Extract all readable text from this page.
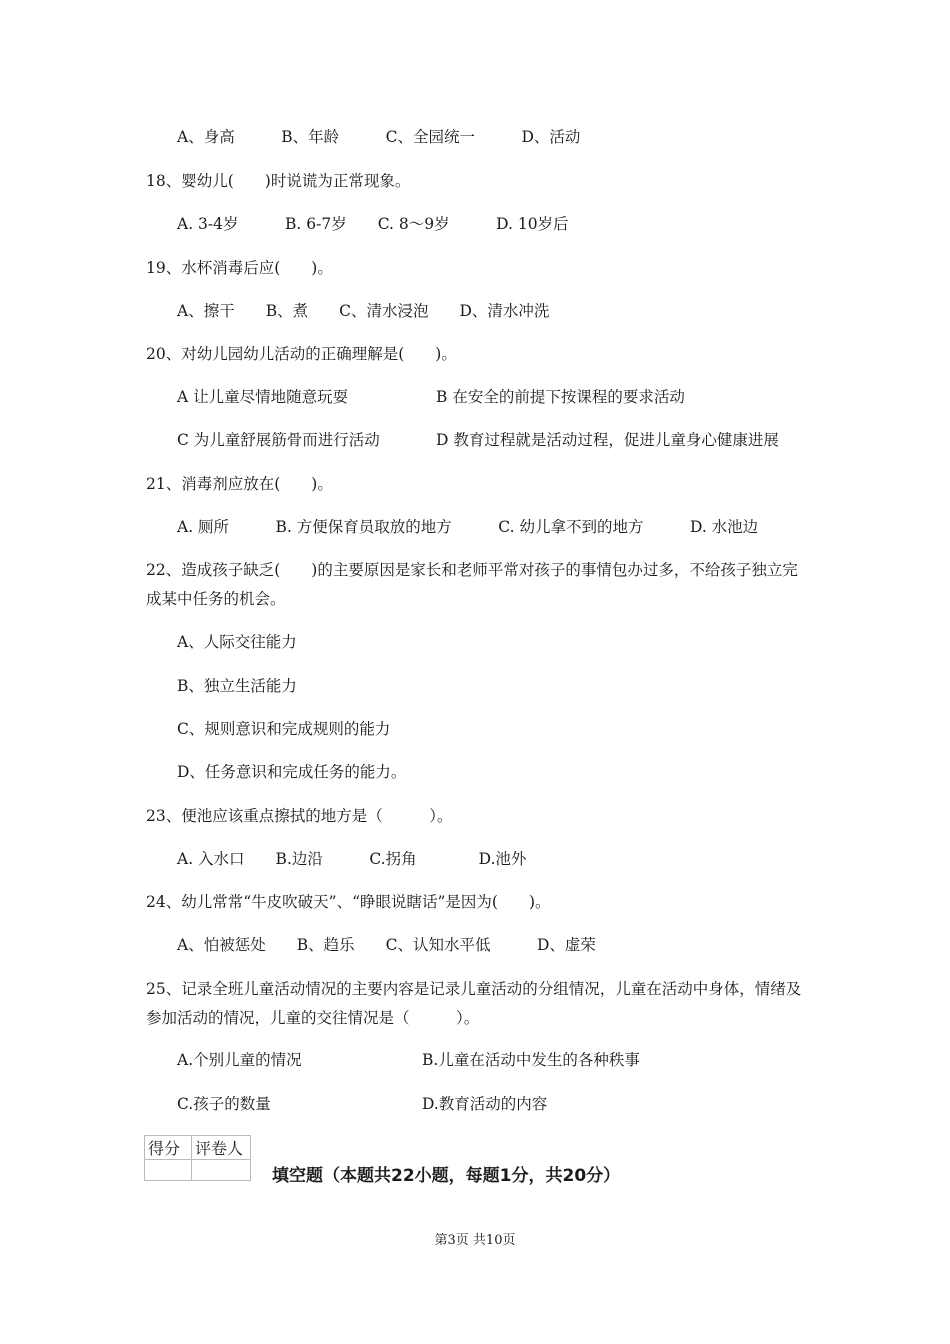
A、身高　　　B、年龄　　　C、全园统一　　　D、活动
18、婴幼儿(　　)时说谎为正常现象。
A. 3-4岁　　　B. 6-7岁　　C. 8～9岁　　　D. 10岁后
19、水杯消毒后应(　　)。
A、擦干　　B、煮　　C、清水浸泡　　D、清水冲洗
20、对幼儿园幼儿活动的正确理解是(　　)。
A 让儿童尽情地随意玩耍	B 在安全的前提下按课程的要求活动
C 为儿童舒展筋骨而进行活动	D 教育过程就是活动过程，促进儿童身心健康进展
21、消毒剂应放在(　　)。
A. 厕所　　　B. 方便保育员取放的地方　　　C. 幼儿拿不到的地方　　　D. 水池边
22、造成孩子缺乏(　　)的主要原因是家长和老师平常对孩子的事情包办过多，不给孩子独立完成某中任务的机会。
A、人际交往能力
B、独立生活能力
C、规则意识和完成规则的能力
D、任务意识和完成任务的能力。
23、便池应该重点擦拭的地方是（　　　）。
A. 入水口　　B.边沿　　　C.拐角　　　　D.池外
24、幼儿常常“牛皮吹破天”、“睁眼说瞎话”是因为(　　)。
A、怕被惩处　　B、趋乐　　C、认知水平低　　　D、虚荣
25、记录全班儿童活动情况的主要内容是记录儿童活动的分组情况，儿童在活动中身体，情绪及参加活动的情况，儿童的交往情况是（　　　）。
A.个别儿童的情况	B.儿童在活动中发生的各种秩事
C.孩子的数量	D.教育活动的内容
得分	评卷人

填空题（本题共22小题，每题1分，共20分）
第3页 共10页
